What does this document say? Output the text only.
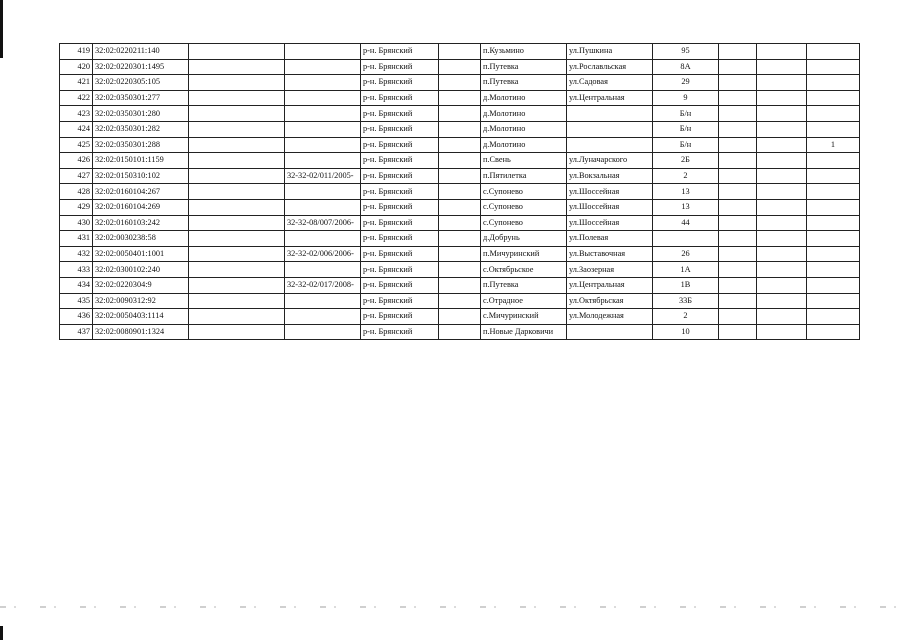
419	32:02:0220211:140			р-н. Брянский		п.Кузьмино	ул.Пушкина	95			
420	32:02:0220301:1495			р-н. Брянский		п.Путевка	ул.Рославльская	8А			
421	32:02:0220305:105			р-н. Брянский		п.Путевка	ул.Садовая	29			
422	32:02:0350301:277			р-н. Брянский		д.Молотино	ул.Центральная	9			
423	32:02:0350301:280			р-н. Брянский		д.Молотино		Б/н			
424	32:02:0350301:282			р-н. Брянский		д.Молотино		Б/н			
425	32:02:0350301:288			р-н. Брянский		д.Молотино		Б/н			1
426	32:02:0150101:1159			р-н. Брянский		п.Свень	ул.Луначарского	2Б			
427	32:02:0150310:102		32-32-02/011/2005-	р-н. Брянский		п.Пятилетка	ул.Вокзальная	2			
428	32:02:0160104:267			р-н. Брянский		с.Супонево	ул.Шоссейная	13			
429	32:02:0160104:269			р-н. Брянский		с.Супонево	ул.Шоссейная	13			
430	32:02:0160103:242		32-32-08/007/2006-	р-н. Брянский		с.Супонево	ул.Шоссейная	44			
431	32:02:0030238:58			р-н. Брянский		д.Добрунь	ул.Полевая				
432	32:02:0050401:1001		32-32-02/006/2006-	р-н. Брянский		п.Мичуринский	ул.Выставочная	26			
433	32:02:0300102:240			р-н. Брянский		с.Октябрьское	ул.Заозерная	1А			
434	32:02:0220304:9		32-32-02/017/2008-	р-н. Брянский		п.Путевка	ул.Центральная	1В			
435	32:02:0090312:92			р-н. Брянский		с.Отрадное	ул.Октябрьская	33Б			
436	32:02:0050403:1114			р-н. Брянский		с.Мичуринский	ул.Молодежная	2			
437	32:02:0080901:1324			р-н. Брянский		п.Новые Дарковичи		10			
